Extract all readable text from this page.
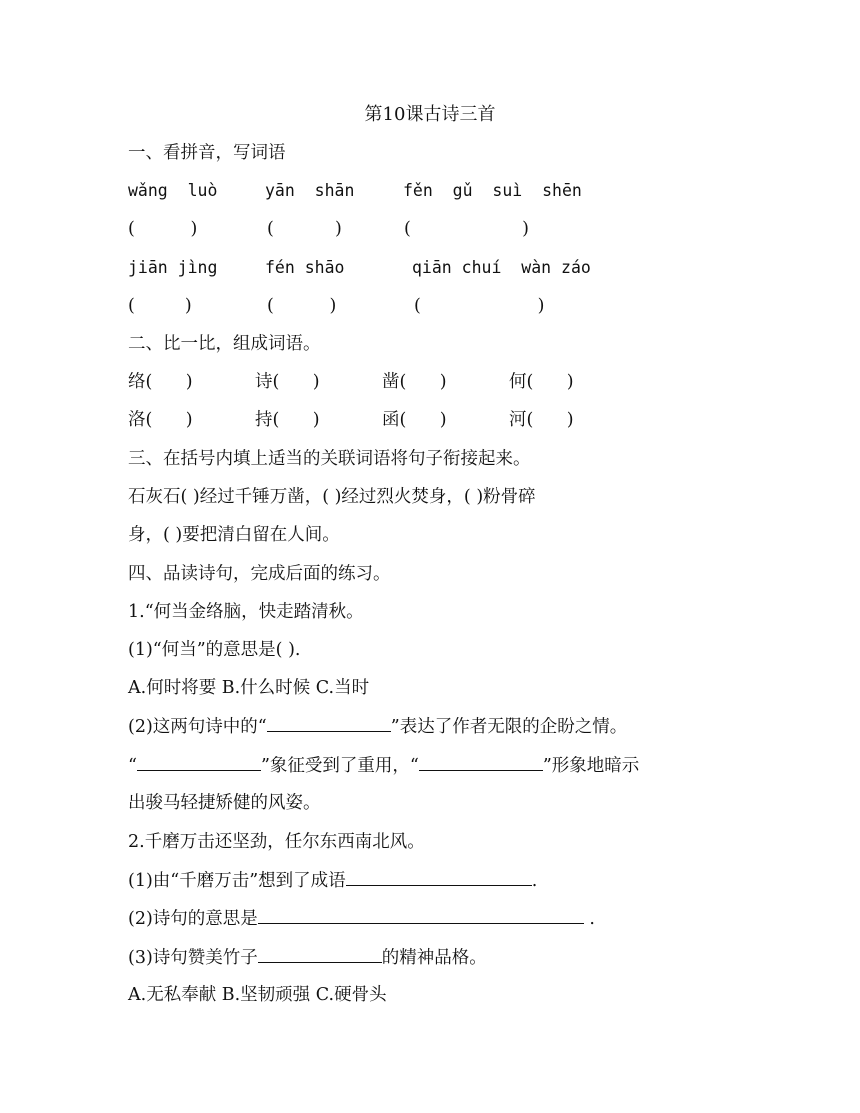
第10课古诗三首
一、看拼音，写词语
wǎng  luò	yān  shān	fěn  gǔ  suì  shēn
(          )	(           )	(                    )
jiān jìng	fén shāo	qiān chuí  wàn záo
(         )	(          )	(                     )
二、比一比，组成词语。
络(      )	诗(      )	凿(      )	何(      )
洛(      )	持(      )	函(      )	河(      )
三、在括号内填上适当的关联词语将句子衔接起来。
石灰石( )经过千锤万凿，( )经过烈火焚身，( )粉骨碎
身，( )要把清白留在人间。
四、品读诗句，完成后面的练习。
1.“何当金络脑，快走踏清秋。
(1)“何当”的意思是( ).
A.何时将要 B.什么时候 C.当时
(2)这两句诗中的“	”表达了作者无限的企盼之情。
“	”象征受到了重用，“	”形象地暗示
出骏马轻捷矫健的风姿。
2.千磨万击还坚劲，任尔东西南北风。
(1)由“千磨万击”想到了成语	.
(2)诗句的意思是	.
(3)诗句赞美竹子	的精神品格。
A.无私奉献 B.坚韧顽强 C.硬骨头
